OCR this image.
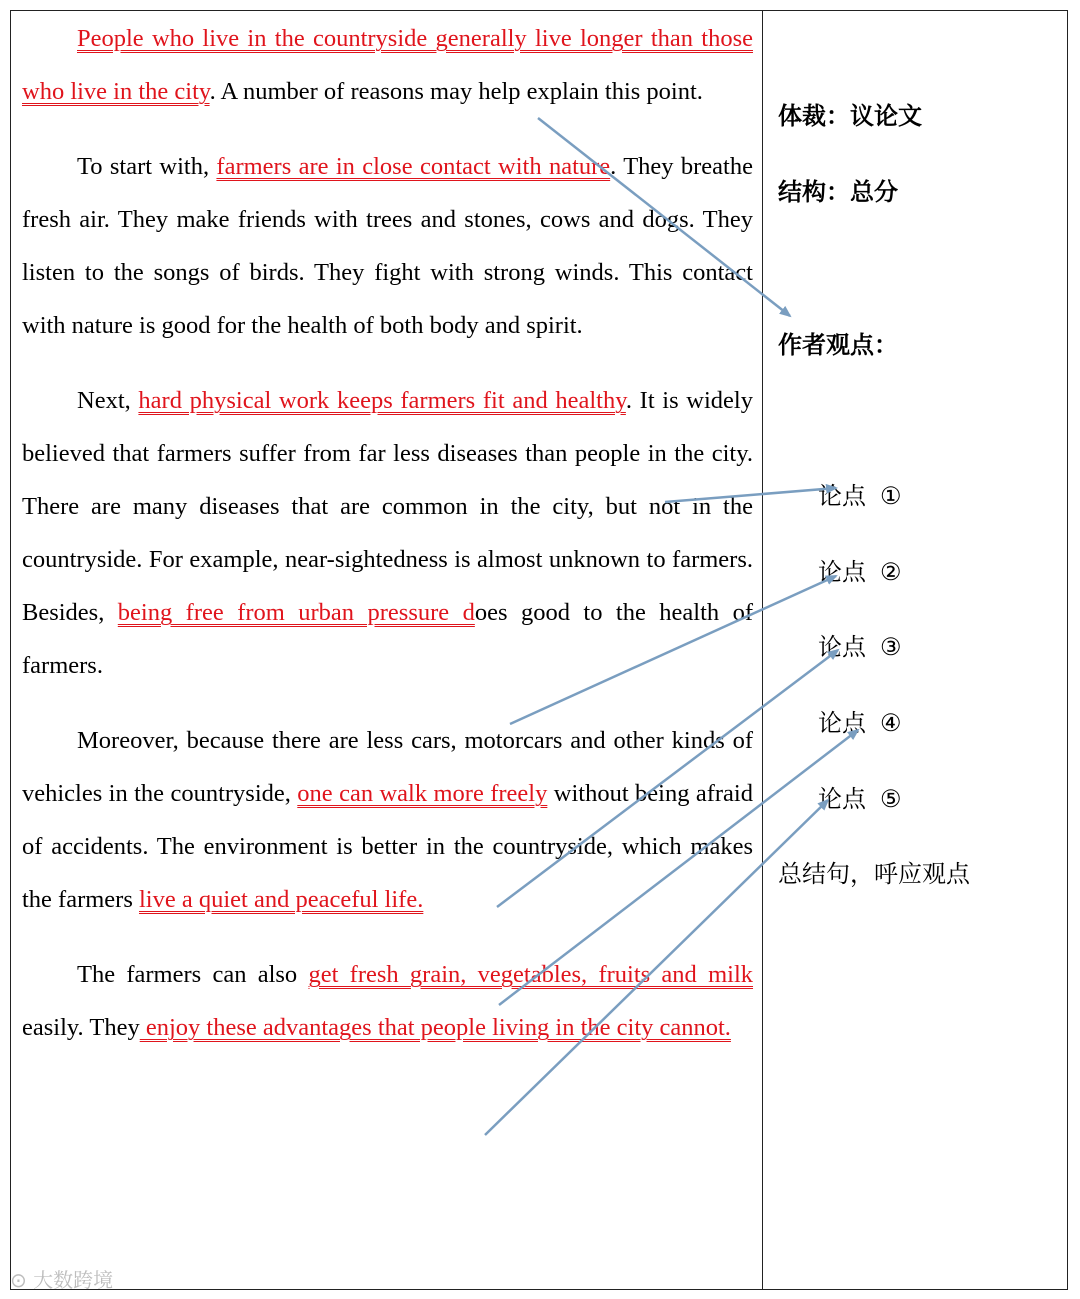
People who live in the countryside generally live longer than those who live in the city. A number of reasons may help explain this point.

To start with, farmers are in close contact with nature. They breathe fresh air. They make friends with trees and stones, cows and dogs. They listen to the songs of birds. They fight with strong winds. This contact with nature is good for the health of both body and spirit.

Next, hard physical work keeps farmers fit and healthy. It is widely believed that farmers suffer from far less diseases than people in the city. There are many diseases that are common in the city, but not in the countryside. For example, near-sightedness is almost unknown to farmers. Besides, being free from urban pressure does good to the health of farmers.

Moreover, because there are less cars, motorcars and other kinds of vehicles in the countryside, one can walk more freely without being afraid of accidents. The environment is better in the countryside, which makes the farmers live a quiet and peaceful life.

The farmers can also get fresh grain, vegetables, fruits and milk easily. They enjoy these advantages that people living in the city cannot.

体裁：议论文
结构：总分
作者观点：
论点 ①
论点 ②
论点 ③
论点 ④
论点 ⑤
总结句，呼应观点
⊙ 大数跨境
